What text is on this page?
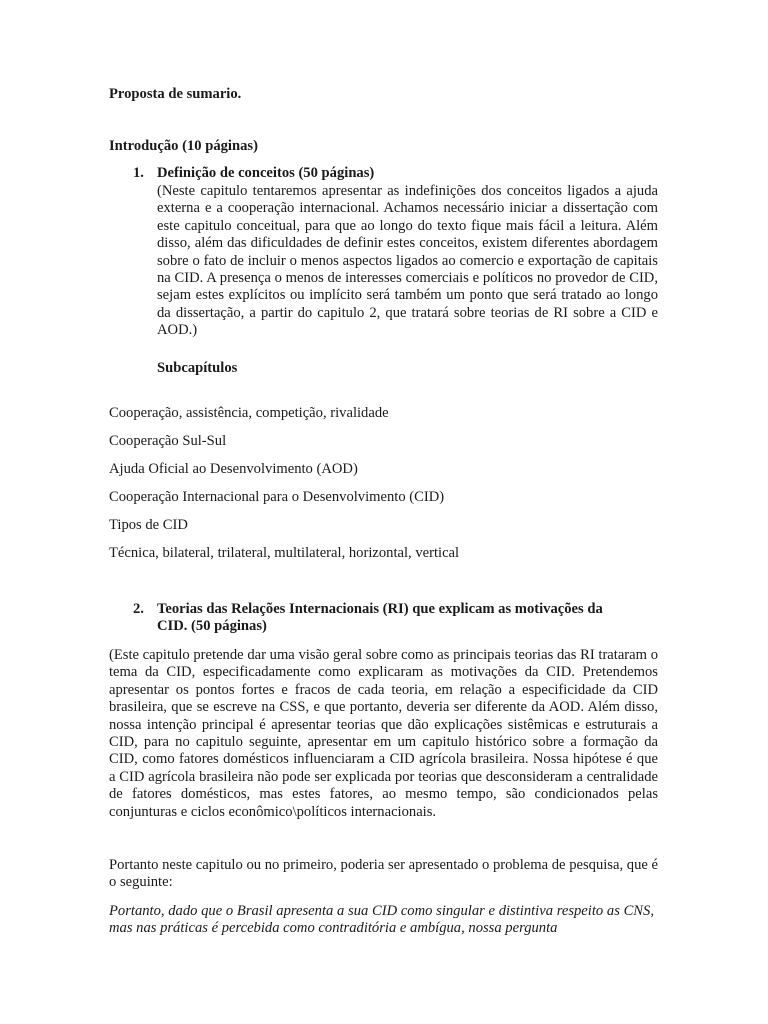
Proposta de sumario.
Introdução (10 páginas)
1. Definição de conceitos (50 páginas)
(Neste capitulo tentaremos apresentar as indefinições dos conceitos ligados a ajuda externa e a cooperação internacional. Achamos necessário iniciar a dissertação com este capitulo conceitual, para que ao longo do texto fique mais fácil a leitura. Além disso, além das dificuldades de definir estes conceitos, existem diferentes abordagem sobre o fato de incluir o menos aspectos ligados ao comercio e exportação de capitais na CID. A presença o menos de interesses comerciais e políticos no provedor de CID, sejam estes explícitos ou implícito será também um ponto que será tratado ao longo da dissertação, a partir do capitulo 2, que tratará sobre teorias de RI sobre a CID e AOD.)
Subcapítulos
Cooperação, assistência, competição, rivalidade
Cooperação Sul-Sul
Ajuda Oficial ao Desenvolvimento (AOD)
Cooperação Internacional para o Desenvolvimento (CID)
Tipos de CID
Técnica, bilateral, trilateral, multilateral, horizontal, vertical
2. Teorias das Relações Internacionais (RI) que explicam as motivações da
CID. (50 páginas)
(Este capitulo pretende dar uma visão geral sobre como as principais teorias das RI trataram o tema da CID, especificadamente como explicaram as motivações da CID. Pretendemos apresentar os pontos fortes e fracos de cada teoria, em relação a especificidade da CID brasileira, que se escreve na CSS, e que portanto, deveria ser diferente da AOD. Além disso, nossa intenção principal é apresentar teorias que dão explicações sistêmicas e estruturais a CID, para no capitulo seguinte, apresentar em um capitulo histórico sobre a formação da CID, como fatores domésticos influenciaram a CID agrícola brasileira. Nossa hipótese é que a CID agrícola brasileira não pode ser explicada por teorias que desconsideram a centralidade de fatores domésticos, mas estes fatores, ao mesmo tempo, são condicionados pelas conjunturas e ciclos econômico\políticos internacionais.
Portanto neste capitulo ou no primeiro, poderia ser apresentado o problema de pesquisa, que é o seguinte:
Portanto, dado que o Brasil apresenta a sua CID como singular e distintiva respeito as CNS, mas nas práticas é percebida como contraditória e ambígua, nossa pergunta
